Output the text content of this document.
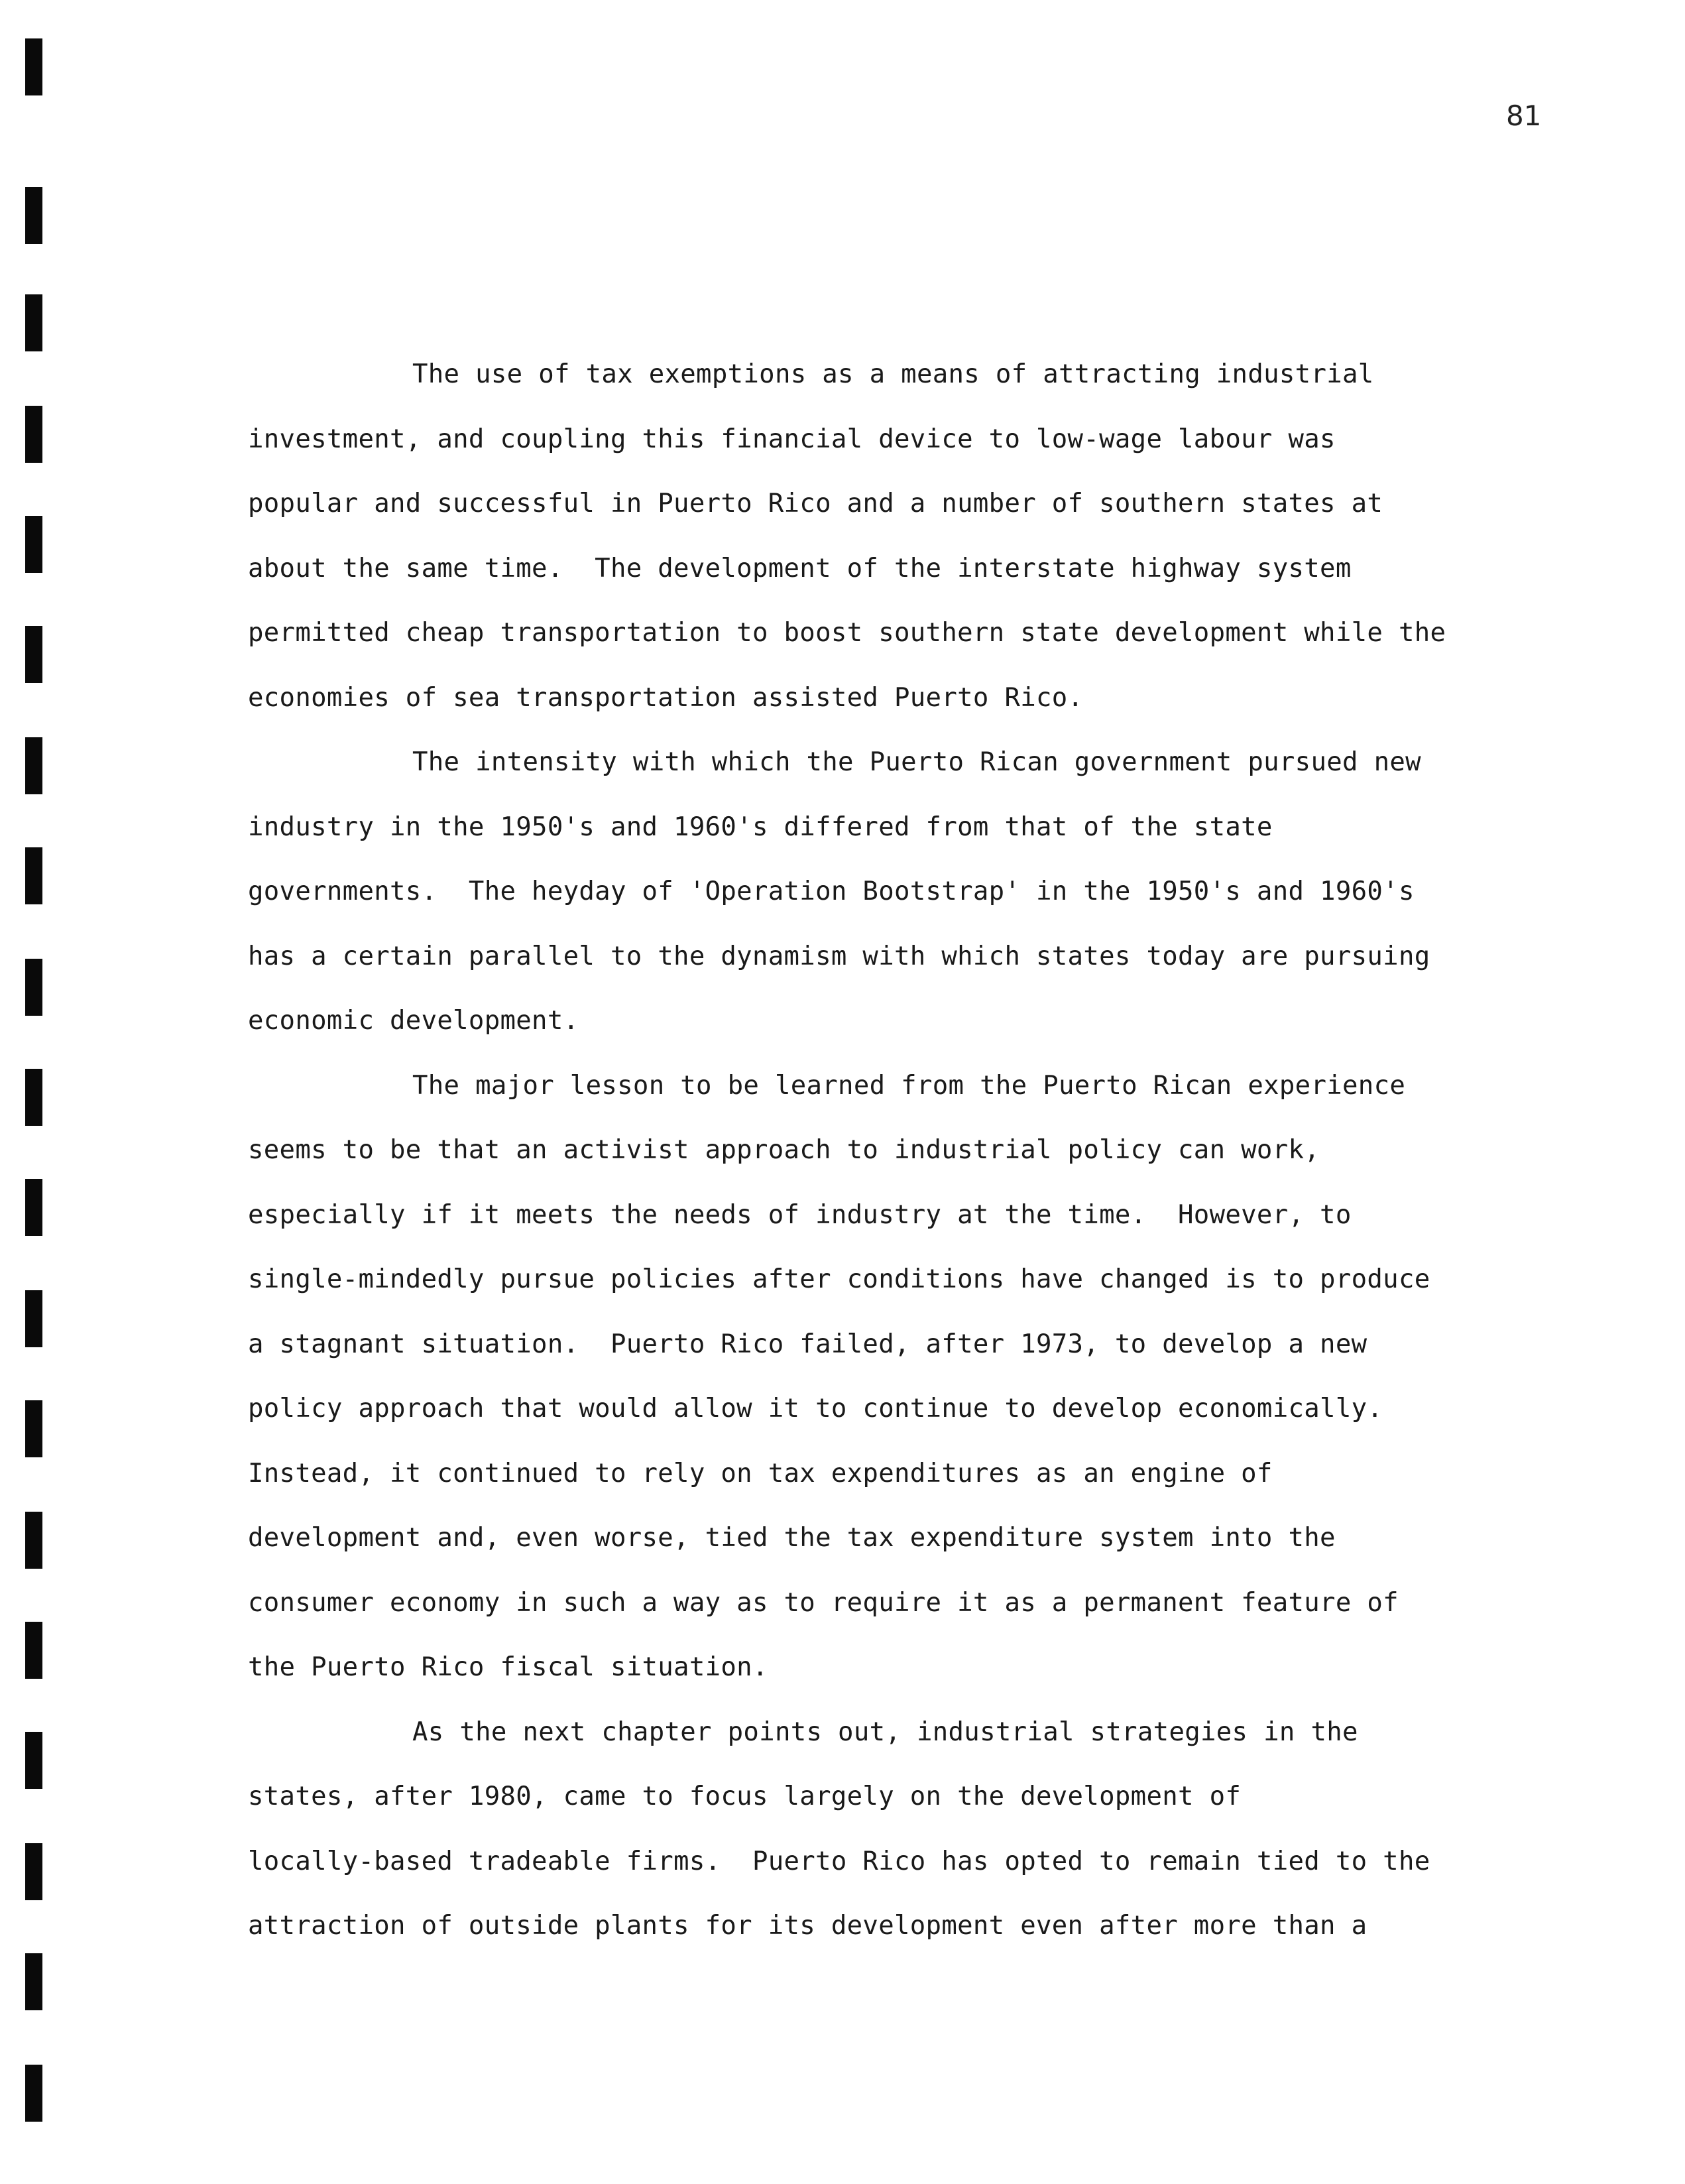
81
The use of tax exemptions as a means of attracting industrial
investment, and coupling this financial device to low-wage labour was
popular and successful in Puerto Rico and a number of southern states at
about the same time.  The development of the interstate highway system
permitted cheap transportation to boost southern state development while the
economies of sea transportation assisted Puerto Rico.
The intensity with which the Puerto Rican government pursued new
industry in the 1950's and 1960's differed from that of the state
governments.  The heyday of 'Operation Bootstrap' in the 1950's and 1960's
has a certain parallel to the dynamism with which states today are pursuing
economic development.
The major lesson to be learned from the Puerto Rican experience
seems to be that an activist approach to industrial policy can work,
especially if it meets the needs of industry at the time.  However, to
single-mindedly pursue policies after conditions have changed is to produce
a stagnant situation.  Puerto Rico failed, after 1973, to develop a new
policy approach that would allow it to continue to develop economically.
Instead, it continued to rely on tax expenditures as an engine of
development and, even worse, tied the tax expenditure system into the
consumer economy in such a way as to require it as a permanent feature of
the Puerto Rico fiscal situation.
As the next chapter points out, industrial strategies in the
states, after 1980, came to focus largely on the development of
locally-based tradeable firms.  Puerto Rico has opted to remain tied to the
attraction of outside plants for its development even after more than a
